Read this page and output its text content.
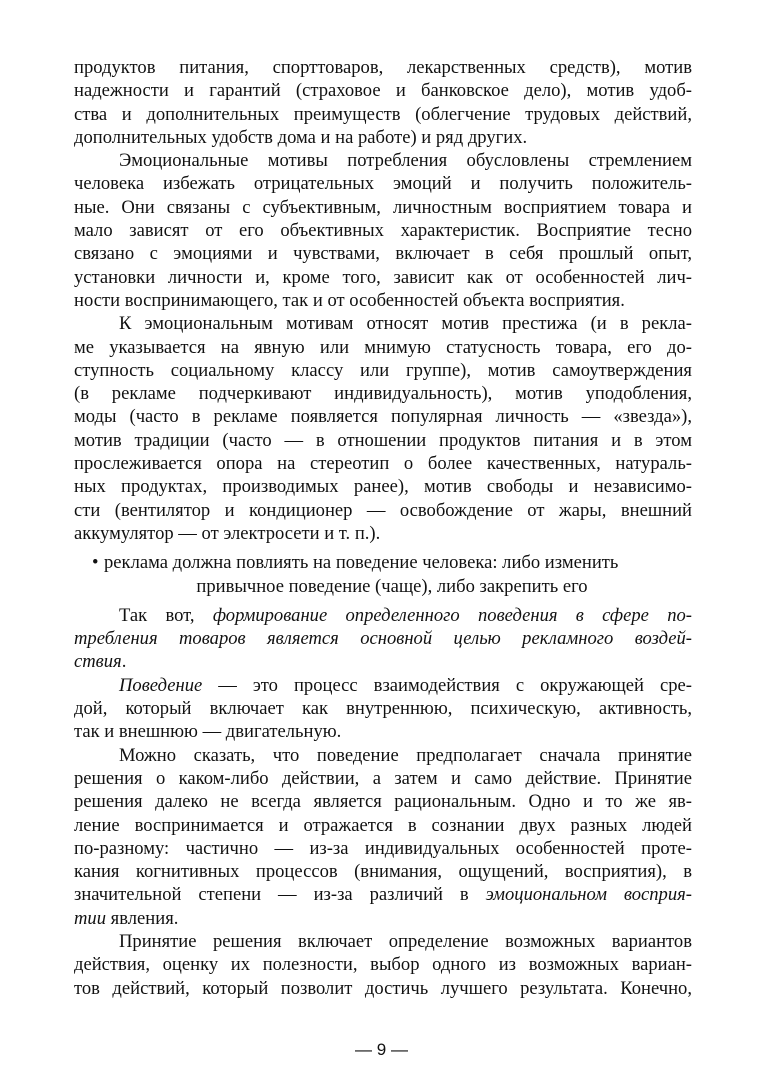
продуктов питания, спорттоваров, лекарственных средств), мотив
надежности и гарантий (страховое и банковское дело), мотив удоб-
ства и дополнительных преимуществ (облегчение трудовых действий,
дополнительных удобств дома и на работе) и ряд других.
Эмоциональные мотивы потребления обусловлены стремлением
человека избежать отрицательных эмоций и получить положитель-
ные. Они связаны с субъективным, личностным восприятием товара и
мало зависят от его объективных характеристик. Восприятие тесно
связано с эмоциями и чувствами, включает в себя прошлый опыт,
установки личности и, кроме того, зависит как от особенностей лич-
ности воспринимающего, так и от особенностей объекта восприятия.
К эмоциональным мотивам относят мотив престижа (и в рекла-
ме указывается на явную или мнимую статусность товара, его до-
ступность социальному классу или группе), мотив самоутверждения
(в рекламе подчеркивают индивидуальность), мотив уподобления,
моды (часто в рекламе появляется популярная личность — «звезда»),
мотив традиции (часто — в отношении продуктов питания и в этом
прослеживается опора на стереотип о более качественных, натураль-
ных продуктах, производимых ранее), мотив свободы и независимо-
сти (вентилятор и кондиционер — освобождение от жары, внешний
аккумулятор — от электросети и т. п.).
• реклама должна повлиять на поведение человека: либо изменить
привычное поведение (чаще), либо закрепить его
Так вот, формирование определенного поведения в сфере по-
требления товаров является основной целью рекламного воздей-
ствия.
Поведение — это процесс взаимодействия с окружающей сре-
дой, который включает как внутреннюю, психическую, активность,
так и внешнюю — двигательную.
Можно сказать, что поведение предполагает сначала принятие
решения о каком-либо действии, а затем и само действие. Принятие
решения далеко не всегда является рациональным. Одно и то же яв-
ление воспринимается и отражается в сознании двух разных людей
по-разному: частично — из-за индивидуальных особенностей проте-
кания когнитивных процессов (внимания, ощущений, восприятия), в
значительной степени — из-за различий в эмоциональном восприя-
тии явления.
Принятие решения включает определение возможных вариантов
действия, оценку их полезности, выбор одного из возможных вариан-
тов действий, который позволит достичь лучшего результата. Конечно,
— 9 —
